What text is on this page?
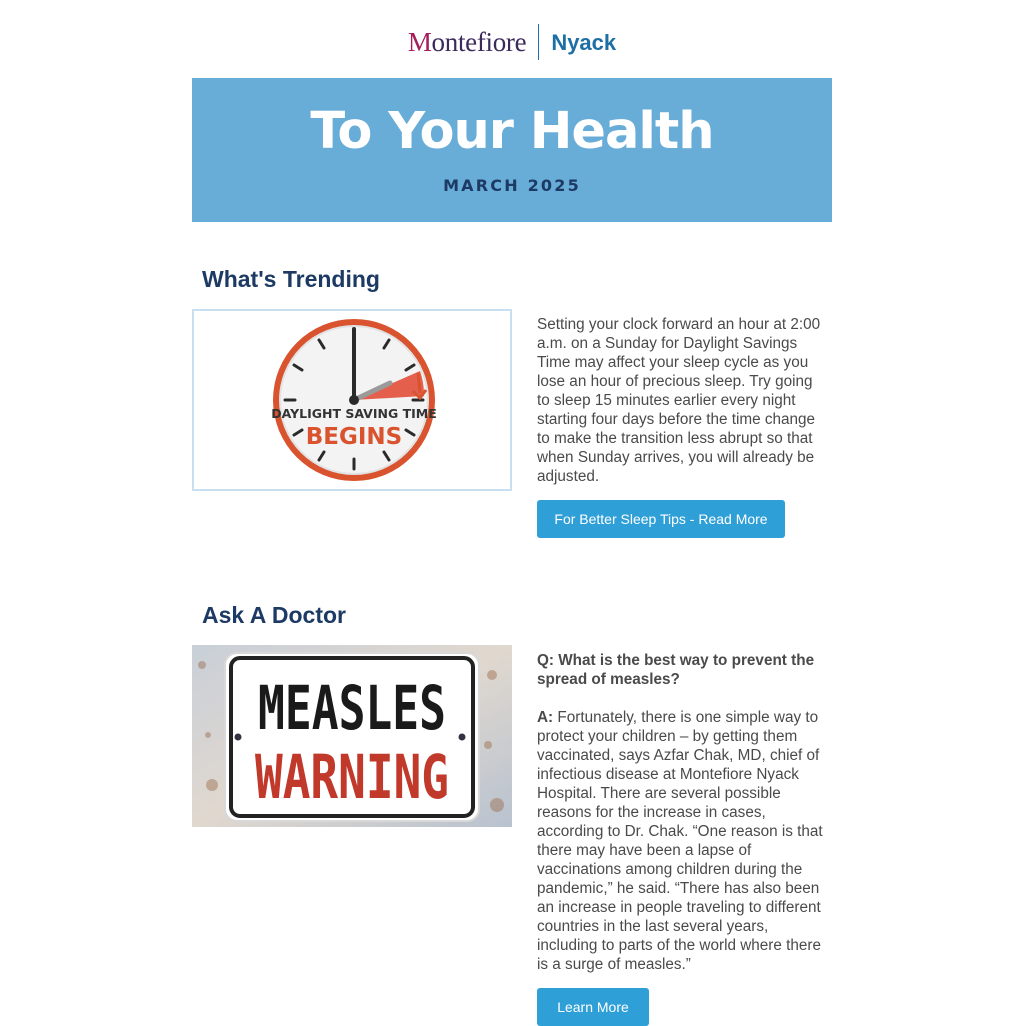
Montefiore Nyack
To Your Health
MARCH 2025
What's Trending
DAYLIGHT SAVING TIME
BEGINS
Setting your clock forward an hour at 2:00 a.m. on a Sunday for Daylight Savings Time may affect your sleep cycle as you lose an hour of precious sleep. Try going to sleep 15 minutes earlier every night starting four days before the time change to make the transition less abrupt so that when Sunday arrives, you will already be adjusted.
For Better Sleep Tips - Read More
Ask A Doctor
MEASLES
WARNING
Q: What is the best way to prevent the spread of measles?
A: Fortunately, there is one simple way to protect your children – by getting them vaccinated, says Azfar Chak, MD, chief of infectious disease at Montefiore Nyack Hospital. There are several possible reasons for the increase in cases, according to Dr. Chak. “One reason is that there may have been a lapse of vaccinations among children during the pandemic,” he said. “There has also been an increase in people traveling to different countries in the last several years, including to parts of the world where there is a surge of measles.”
Learn More
